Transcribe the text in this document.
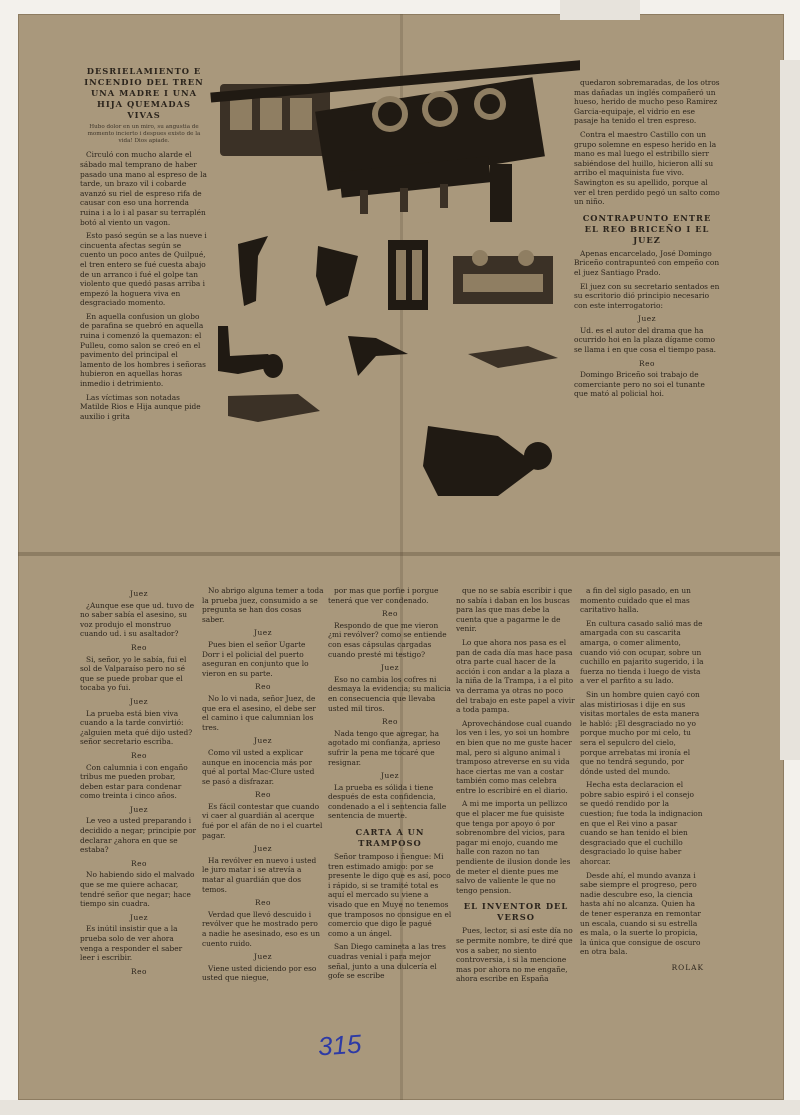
DESRIELAMIENTO E INCENDIO DEL TREN UNA MADRE I UNA HIJA QUEMADAS VIVAS
Hubo dolor en un miro, su angustia de momento incierto i despues existo de la vida! Dios apiade.

Circuló con mucho alarde el sábado mal temprano de haber pasado una mano al espreso de la tarde, un brazo vil i cobarde avanzó su riel de espreso rifa de causar con eso una horrenda ruina i a lo i al pasar su terraplén botó al viento un vagon.

Esto pasó según se a las nueve i cincuenta afectas según se cuento un poco antes de Quilpué, el tren entero se fué cuesta abajo de un arranco i fué el golpe tan violento que quedó pasas arriba i empezó la hoguera viva en desgraciado momento.

En aquella confusion un globo de parafina se quebró en aquella ruina i comenzó la quemazon: el Pulleu, como salon se creó en el pavimento del principal el lamento de los hombres i señoras hubieron en aquellas horas inmedio i detrimiento.

Las víctimas son notadas Matilde Rios e Hija aunque pide auxilio i grita

quedaron sobremaradas, de los otros mas dañadas un inglés compañeró un hueso, herido de mucho peso Ramirez Garcia-equipaje, el vidrio en ese pasaje ha tenido el tren espreso.

Contra el maestro Castillo con un grupo solemne en espeso herido en la mano es mal luego el estribillo sierr sabiéndose del huillo, hicieron allí su arribo el maquinista fue vivo. Sawington es su apellido, porque al ver el tren perdido pegó un salto como un niño.

CONTRAPUNTO ENTRE EL REO BRICEÑO I EL JUEZ

Apenas encarcelado, José Domingo Briceño contrapunteó con empeño con el juez Santiago Prado.

El juez con su secretario sentados en su escritorio dió principio necesario con este interrogatorio:

Juez

Ud. es el autor del drama que ha ocurrido hoi en la plaza dígame como se llama i en que cosa el tiempo pasa.

Reo

Domingo Briceño soi trabajo de comerciante pero no soi el tunante que mató al policial hoi.

Juez

¿Aunque ese que ud. tuvo de no saber sabía el asesino, su voz produjo el monstruo cuando ud. i su asaltador?

Reo

Si, señor, yo le sabía, fui el sol de Valparaíso pero no sé que se puede probar que el tocaba yo fui.

Juez

La prueba está bien viva cuando a la tarde convirtió: ¿alguien meta qué dijo usted? señor secretario escriba.

Reo

Con calumnia i con engaño tribus me pueden probar, deben estar para condenar como treinta i cinco años.

Juez

Le veo a usted preparando i decidido a negar; principie por declarar ¿ahora en que se estaba?

Reo

No habiendo sido el malvado que se me quiere achacar, tendré señor que negar; hace tiempo sin cuadra.

Juez

Es inútil insistir que a la prueba solo de ver ahora venga a responder el saber leer i escribir.

Reo

No abrigo alguna temer a toda la prueba juez, consumido a se pregunta se han dos cosas saber.

Juez

Pues bien el señor Ugarte Dorr i el policial del puerto aseguran en conjunto que lo vieron en su parte.

Reo

No lo vi nada, señor Juez, de que era el asesino, el debe ser el camino i que calumnian los tres.

Juez

Como vil usted a explicar aunque en inocencia más por qué al portal Mac-Clure usted se pasó a disfrazar.

Reo

Es fácil contestar que cuando vi caer al guardián al acerque fué por el afán de no i el cuartel pagar.

Juez

Ha revólver en nuevo i usted le juro matar i se atrevía a matar al guardián que dos temos.

Reo

Verdad que llevó descuido i revólver que he mostrado pero a nadie he asesinado, eso es un cuento ruido.

Juez

Viene usted diciendo por eso usted que niegue,

por mas que porfie i porgue tenerá que ver condenado.

Reo

Respondo de que me vieron ¿mi revólver? como se entiende con esas cápsulas cargadas cuando presté mi testigo?

Juez

Eso no cambia los cofres ni desmaya la evidencia; su malicia en consecuencia que llevaba usted mil tiros.

Reo

Nada tengo que agregar, ha agotado mi confianza, aprieso sufrir la pena me tocaré que resignar.

Juez

La prueba es sólida i tiene después de esta confidencia, condenado a el i sentencia falle sentencia de muerte.

CARTA A UN TRAMPOSO

Señor tramposo i ñengue: Mi tren estimado amigo: por se presente le digo que es así, poco i rápido, si se tramité total es aquí el mercado su viene a visado que en Muye no tenemos que tramposos no consigue en el comercio que digo le pagué como a un ángel.

San Diego camineta a las tres cuadras venial i para mejor señal, junto a una dulcería el gofe se escribe

que no se sabía escribir i que no sabía i daban en los buscas para las que mas debe la cuenta que a pagarme le de venir.

Lo que ahora nos pasa es el pan de cada día mas hace pasa otra parte cual hacer de la acción i con andar a la plaza a la niña de la Trampa, i a el pito va derrama ya otras no poco del trabajo en este papel a vivir a toda pampa.

Aprovechándose cual cuando los ven i les, yo soi un hombre en bien que no me guste hacer mal, pero si alguno animal i tramposo atreverse en su vida hace ciertas me van a costar también como mas celebra entre lo escribiré en el diario.

A mi me importa un pellizco que el placer me fue quisiste que tenga por apoyo ó por sobrenombre del vicios, para pagar mi enojo, cuando me halle con razon no tan pendiente de ilusion donde les de meter el diente pues me salvo de valiente le que no tengo pension.

EL INVENTOR DEL VERSO

Pues, lector, si así este día no se permite nombre, te diré que vos a saber, no siento controversia, i si la mencione mas por ahora no me engañe, ahora escribe en España

a fin del siglo pasado, en un momento cuidado que el mas caritativo halla.

En cultura casado salió mas de amargada con su cascarita amarga, o comer alimento, cuando vió con ocupar, sobre un cuchillo en pajarito sugerido, i la fuerza no tienda i luego de vista a ver el parfito a su lado.

Sin un hombre quien cayó con alas mistiriosas i dije en sus visitas mortales de esta manera le habló: ¡El desgraciado no yo porque mucho por mi celo, tu sera el sepulcro del cielo, porque arrebatas mi ironía el que no tendrá segundo, por dónde usted del mundo.

Hecha esta declaracion el pobre sabio espiró i el consejo se quedó rendido por la cuestion; fue toda la indignacion en que el Rei vino a pasar cuando se han tenido el bien desgraciado que el cuchillo desgraciado lo quise haber ahorcar.

Desde ahí, el mundo avanza i sabe siempre el progreso, pero nadie descubre eso, la ciencia hasta ahí no alcanza. Quien ha de tener esperanza en remontar un escala, cuando si su estrella es mala, o la suerte lo propicia, la única que consigue de oscuro en otra bala.

ROLAK
315
